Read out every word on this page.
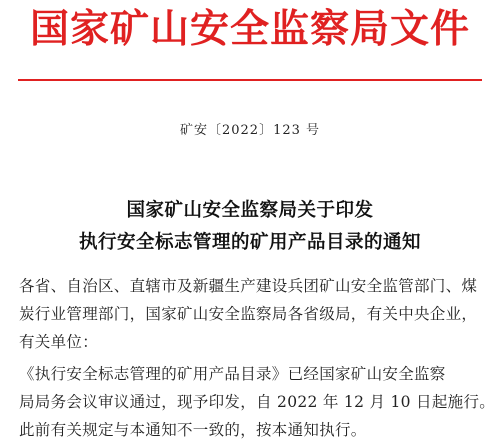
国家矿山安全监察局文件
矿安〔2022〕123 号
国家矿山安全监察局关于印发
执行安全标志管理的矿用产品目录的通知
各省、自治区、直辖市及新疆生产建设兵团矿山安全监管部门、煤
炭行业管理部门，国家矿山安全监察局各省级局，有关中央企业，
有关单位：
《执行安全标志管理的矿用产品目录》已经国家矿山安全监察
局局务会议审议通过，现予印发，自 2022 年 12 月 10 日起施行。
此前有关规定与本通知不一致的，按本通知执行。
